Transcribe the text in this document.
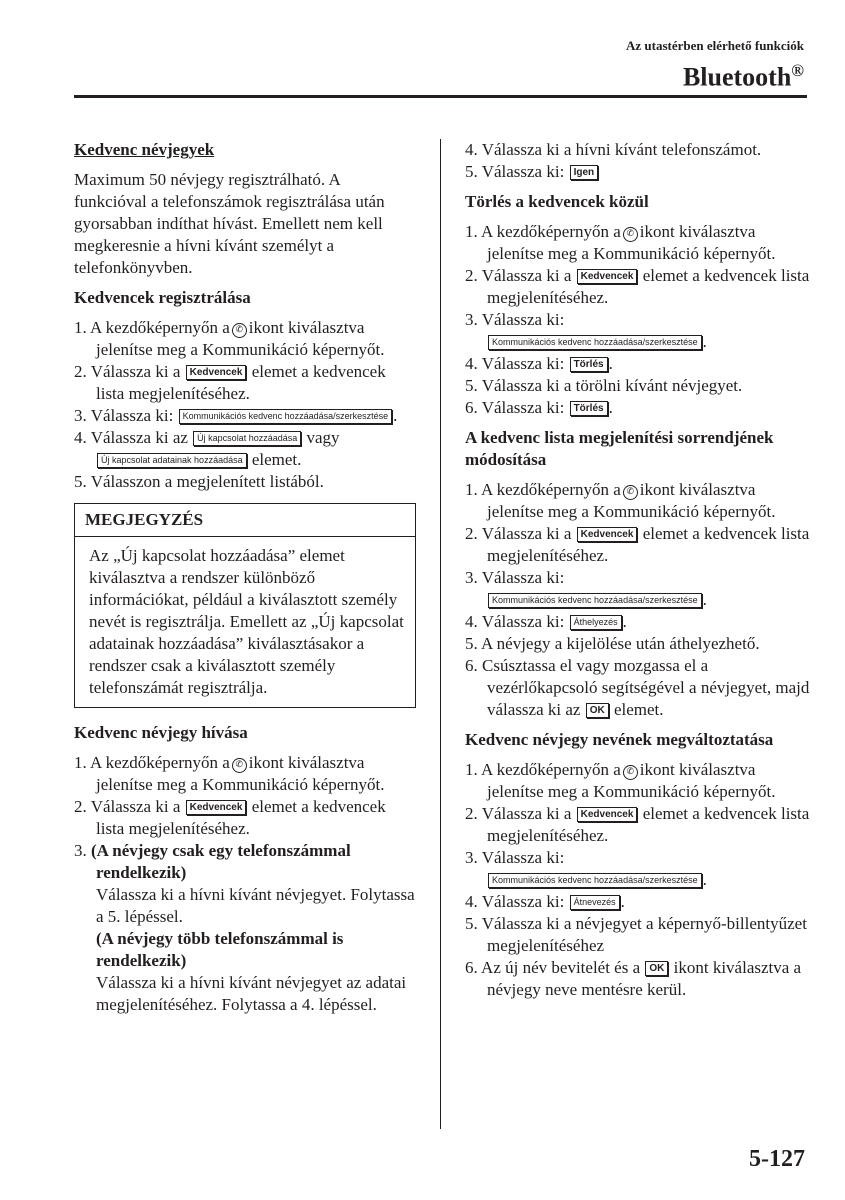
Az utastérben elérhető funkciók
Bluetooth®

Kedvenc névjegyek

Maximum 50 névjegy regisztrálható. A funkcióval a telefonszámok regisztrálása után gyorsabban indíthat hívást. Emellett nem kell megkeresnie a hívni kívánt személyt a telefonkönyvben.

Kedvencek regisztrálása

1. A kezdőképernyőn a ✆ ikont kiválasztva jelenítse meg a Kommunikáció képernyőt.
2. Válassza ki a Kedvencek elemet a kedvencek lista megjelenítéséhez.
3. Válassza ki: Kommunikációs kedvenc hozzáadása/szerkesztése .
4. Válassza ki az Új kapcsolat hozzáadása vagy Új kapcsolat adatainak hozzáadása elemet.
5. Válasszon a megjelenített listából.
MEGJEGYZÉS
Az „Új kapcsolat hozzáadása” elemet kiválasztva a rendszer különböző információkat, például a kiválasztott személy nevét is regisztrálja. Emellett az „Új kapcsolat adatainak hozzáadása” kiválasztásakor a rendszer csak a kiválasztott személy telefonszámát regisztrálja.

Kedvenc névjegy hívása

1. A kezdőképernyőn a ✆ ikont kiválasztva jelenítse meg a Kommunikáció képernyőt.
2. Válassza ki a Kedvencek elemet a kedvencek lista megjelenítéséhez.
3. (A névjegy csak egy telefonszámmal rendelkezik)
Válassza ki a hívni kívánt névjegyet. Folytassa a 5. lépéssel.
(A névjegy több telefonszámmal is rendelkezik)
Válassza ki a hívni kívánt névjegyet az adatai megjelenítéséhez. Folytassa a 4. lépéssel.
4. Válassza ki a hívni kívánt telefonszámot.
5. Válassza ki: Igen

Törlés a kedvencek közül

1. A kezdőképernyőn a ✆ ikont kiválasztva jelenítse meg a Kommunikáció képernyőt.
2. Válassza ki a Kedvencek elemet a kedvencek lista megjelenítéséhez.
3. Válassza ki:
Kommunikációs kedvenc hozzáadása/szerkesztése .
4. Válassza ki: Törlés .
5. Válassza ki a törölni kívánt névjegyet.
6. Válassza ki: Törlés .

A kedvenc lista megjelenítési sorrendjének módosítása

1. A kezdőképernyőn a ✆ ikont kiválasztva jelenítse meg a Kommunikáció képernyőt.
2. Válassza ki a Kedvencek elemet a kedvencek lista megjelenítéséhez.
3. Válassza ki:
Kommunikációs kedvenc hozzáadása/szerkesztése .
4. Válassza ki: Áthelyezés .
5. A névjegy a kijelölése után áthelyezhető.
6. Csúsztassa el vagy mozgassa el a vezérlőkapcsoló segítségével a névjegyet, majd válassza ki az OK elemet.

Kedvenc névjegy nevének megváltoztatása

1. A kezdőképernyőn a ✆ ikont kiválasztva jelenítse meg a Kommunikáció képernyőt.
2. Válassza ki a Kedvencek elemet a kedvencek lista megjelenítéséhez.
3. Válassza ki:
Kommunikációs kedvenc hozzáadása/szerkesztése .
4. Válassza ki: Átnevezés .
5. Válassza ki a névjegyet a képernyő-billentyűzet megjelenítéséhez
6. Az új név bevitelét és a OK ikont kiválasztva a névjegy neve mentésre kerül.
5-127
